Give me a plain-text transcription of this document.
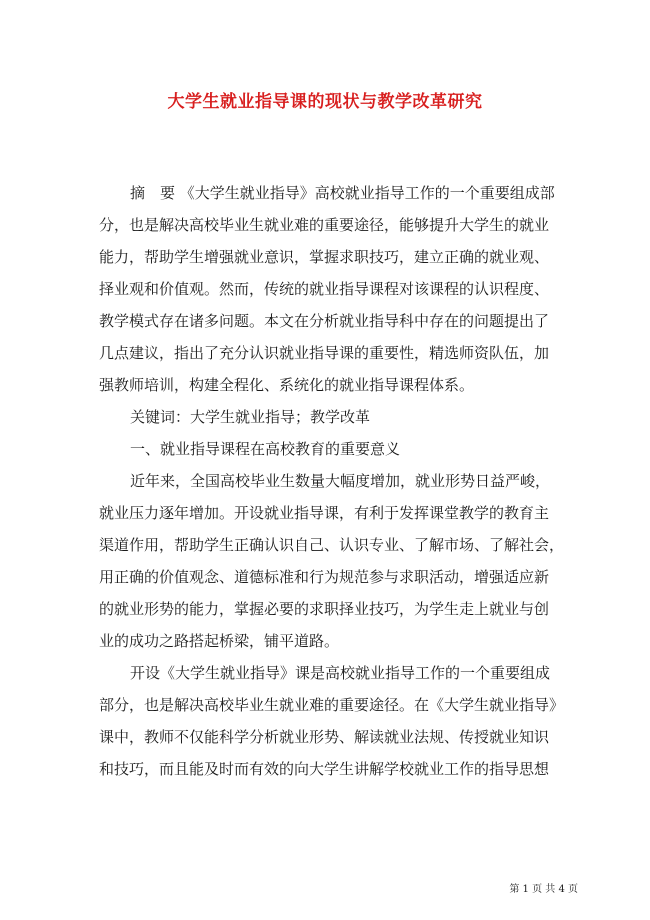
大学生就业指导课的现状与教学改革研究
摘　要 《大学生就业指导》高校就业指导工作的一个重要组成部
分，也是解决高校毕业生就业难的重要途径，能够提升大学生的就业
能力，帮助学生增强就业意识，掌握求职技巧，建立正确的就业观、
择业观和价值观。然而，传统的就业指导课程对该课程的认识程度、
教学模式存在诸多问题。本文在分析就业指导科中存在的问题提出了
几点建议，指出了充分认识就业指导课的重要性，精选师资队伍，加
强教师培训，构建全程化、系统化的就业指导课程体系。
关键词：大学生就业指导；教学改革
一、就业指导课程在高校教育的重要意义
近年来，全国高校毕业生数量大幅度增加，就业形势日益严峻，
就业压力逐年增加。开设就业指导课，有利于发挥课堂教学的教育主
渠道作用，帮助学生正确认识自己、认识专业、了解市场、了解社会，
用正确的价值观念、道德标准和行为规范参与求职活动，增强适应新
的就业形势的能力，掌握必要的求职择业技巧，为学生走上就业与创
业的成功之路搭起桥梁，铺平道路。
开设《大学生就业指导》课是高校就业指导工作的一个重要组成
部分，也是解决高校毕业生就业难的重要途径。在《大学生就业指导》
课中，教师不仅能科学分析就业形势、解读就业法规、传授就业知识
和技巧，而且能及时而有效的向大学生讲解学校就业工作的指导思想
第 1 页 共 4 页
